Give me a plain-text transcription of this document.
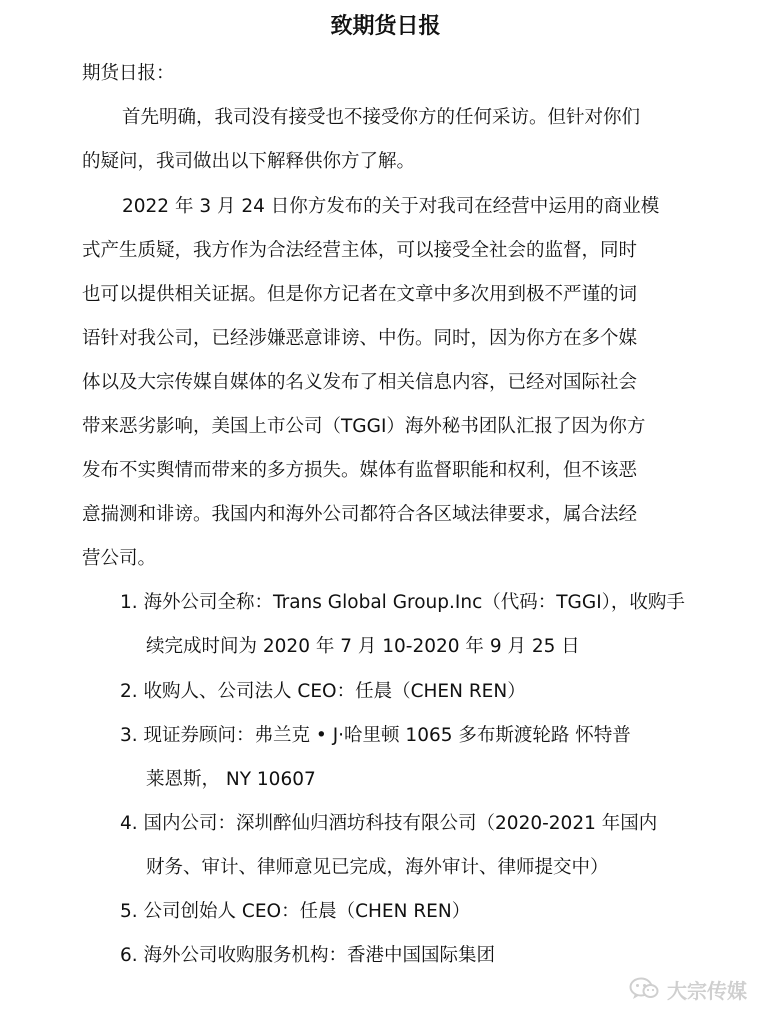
致期货日报
期货日报：
首先明确，我司没有接受也不接受你方的任何采访。但针对你们
的疑问，我司做出以下解释供你方了解。
2022 年 3 月 24 日你方发布的关于对我司在经营中运用的商业模
式产生质疑，我方作为合法经营主体，可以接受全社会的监督，同时
也可以提供相关证据。但是你方记者在文章中多次用到极不严谨的词
语针对我公司，已经涉嫌恶意诽谤、中伤。同时，因为你方在多个媒
体以及大宗传媒自媒体的名义发布了相关信息内容，已经对国际社会
带来恶劣影响，美国上市公司（TGGI）海外秘书团队汇报了因为你方
发布不实舆情而带来的多方损失。媒体有监督职能和权利，但不该恶
意揣测和诽谤。我国内和海外公司都符合各区域法律要求，属合法经
营公司。
1. 海外公司全称：Trans Global Group.Inc（代码：TGGI），收购手
续完成时间为 2020 年 7 月 10-2020 年 9 月 25 日
2. 收购人、公司法人 CEO：任晨（CHEN REN）
3. 现证券顾问：弗兰克 • J·哈里顿 1065 多布斯渡轮路 怀特普
莱恩斯， NY 10607
4. 国内公司：深圳醉仙归酒坊科技有限公司（2020-2021 年国内
财务、审计、律师意见已完成，海外审计、律师提交中）
5. 公司创始人 CEO：任晨（CHEN REN）
6. 海外公司收购服务机构：香港中国国际集团
大宗传媒
